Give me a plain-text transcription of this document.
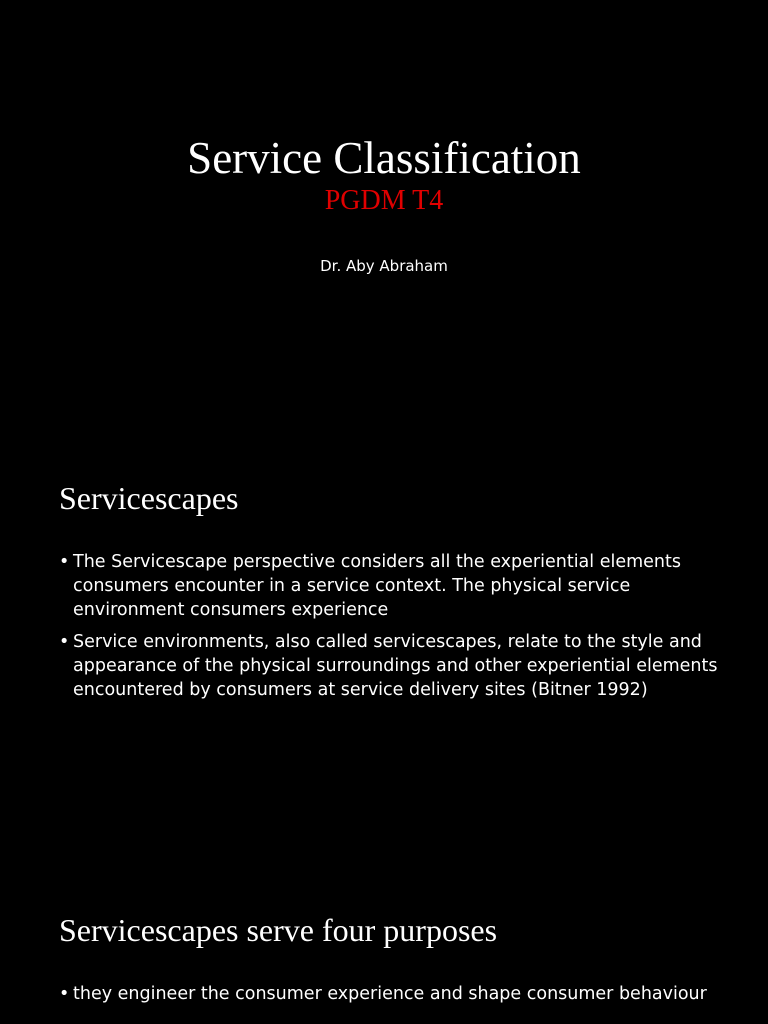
Service Classification
PGDM T4
Dr. Aby Abraham
Servicescapes
• The Servicescape perspective considers all the experiential elements consumers encounter in a service context. The physical service environment consumers experience
• Service environments, also called servicescapes, relate to the style and appearance of the physical surroundings and other experiential elements encountered by consumers at service delivery sites (Bitner 1992)
Servicescapes serve four purposes
• they engineer the consumer experience and shape consumer behaviour
